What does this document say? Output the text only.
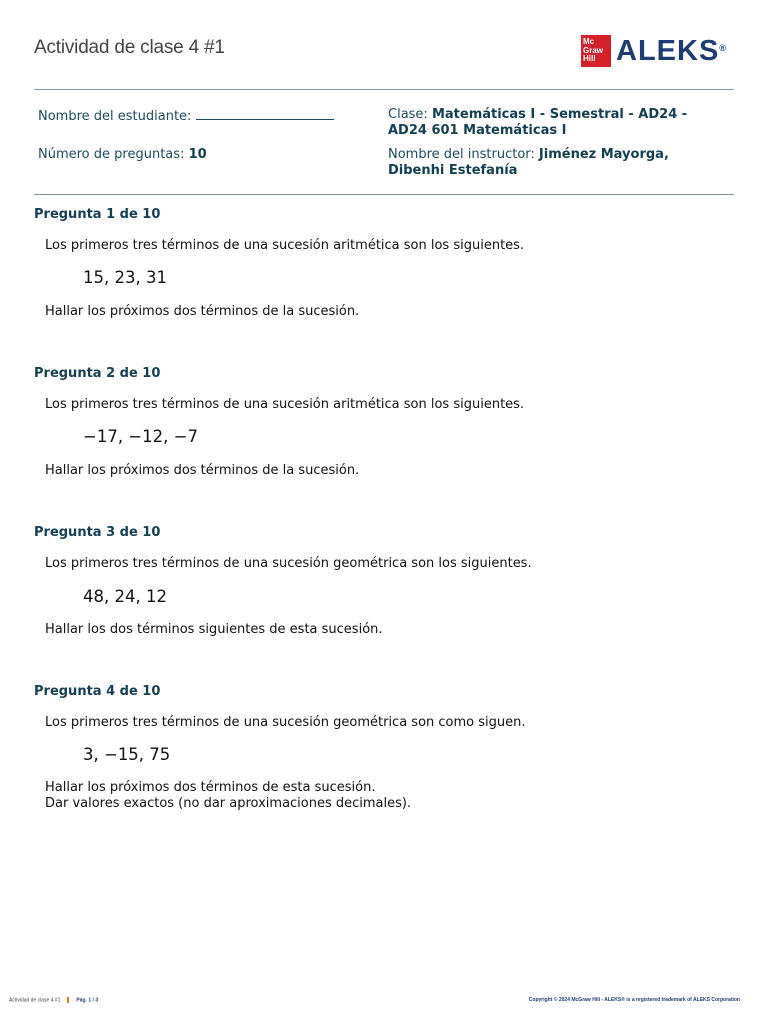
Actividad de clase 4 #1	Mc
Graw
Hill ALEKS®
Nombre del estudiante:
Número de preguntas: 10
Clase: Matemáticas I - Semestral - AD24 -
AD24 601 Matemáticas I
Nombre del instructor: Jiménez Mayorga,
Dibenhi Estefanía
Pregunta 1 de 10
Los primeros tres términos de una sucesión aritmética son los siguientes.
15, 23, 31
Hallar los próximos dos términos de la sucesión.
Pregunta 2 de 10
Los primeros tres términos de una sucesión aritmética son los siguientes.
−17, −12, −7
Hallar los próximos dos términos de la sucesión.
Pregunta 3 de 10
Los primeros tres términos de una sucesión geométrica son los siguientes.
48, 24, 12
Hallar los dos términos siguientes de esta sucesión.
Pregunta 4 de 10
Los primeros tres términos de una sucesión geométrica son como siguen.
3, −15, 75
Hallar los próximos dos términos de esta sucesión.
Dar valores exactos (no dar aproximaciones decimales).
Actividad de clase 4 #1	Pág. 1 / 3	Copyright © 2024 McGraw Hill - ALEKS® is a registered trademark of ALEKS Corporation
